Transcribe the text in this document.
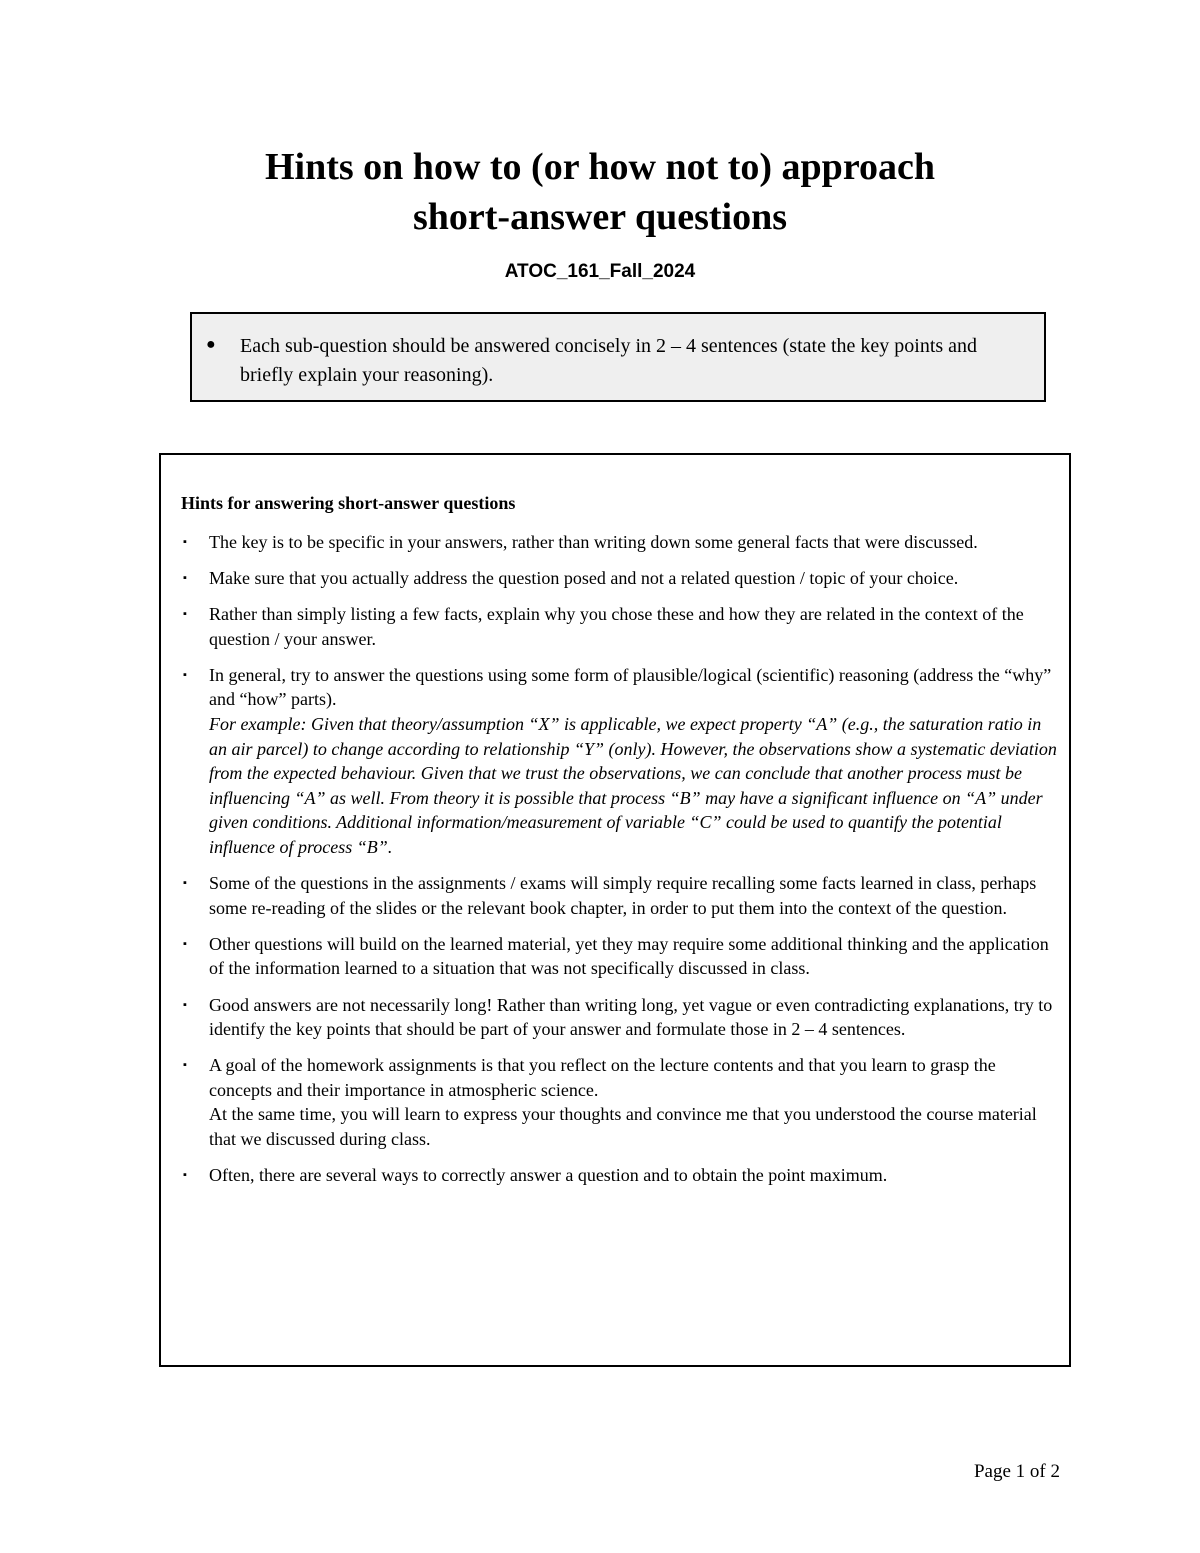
Hints on how to (or how not to) approach
short-answer questions
ATOC_161_Fall_2024
● Each sub-question should be answered concisely in 2 – 4 sentences (state the key points and briefly explain your reasoning).
Hints for answering short-answer questions
▪ The key is to be specific in your answers, rather than writing down some general facts that were discussed.
▪ Make sure that you actually address the question posed and not a related question / topic of your choice.
▪ Rather than simply listing a few facts, explain why you chose these and how they are related in the context of the question / your answer.
▪ In general, try to answer the questions using some form of plausible/logical (scientific) reasoning (address the “why” and “how” parts).
For example: Given that theory/assumption “X” is applicable, we expect property “A” (e.g., the saturation ratio in an air parcel) to change according to relationship “Y” (only). However, the observations show a systematic deviation from the expected behaviour. Given that we trust the observations, we can conclude that another process must be influencing “A” as well. From theory it is possible that process “B” may have a significant influence on “A” under given conditions. Additional information/measurement of variable “C” could be used to quantify the potential influence of process “B”.
▪ Some of the questions in the assignments / exams will simply require recalling some facts learned in class, perhaps some re-reading of the slides or the relevant book chapter, in order to put them into the context of the question.
▪ Other questions will build on the learned material, yet they may require some additional thinking and the application of the information learned to a situation that was not specifically discussed in class.
▪ Good answers are not necessarily long! Rather than writing long, yet vague or even contradicting explanations, try to identify the key points that should be part of your answer and formulate those in 2 – 4 sentences.
▪ A goal of the homework assignments is that you reflect on the lecture contents and that you learn to grasp the concepts and their importance in atmospheric science.
At the same time, you will learn to express your thoughts and convince me that you understood the course material that we discussed during class.
▪ Often, there are several ways to correctly answer a question and to obtain the point maximum.
Page 1 of 2
